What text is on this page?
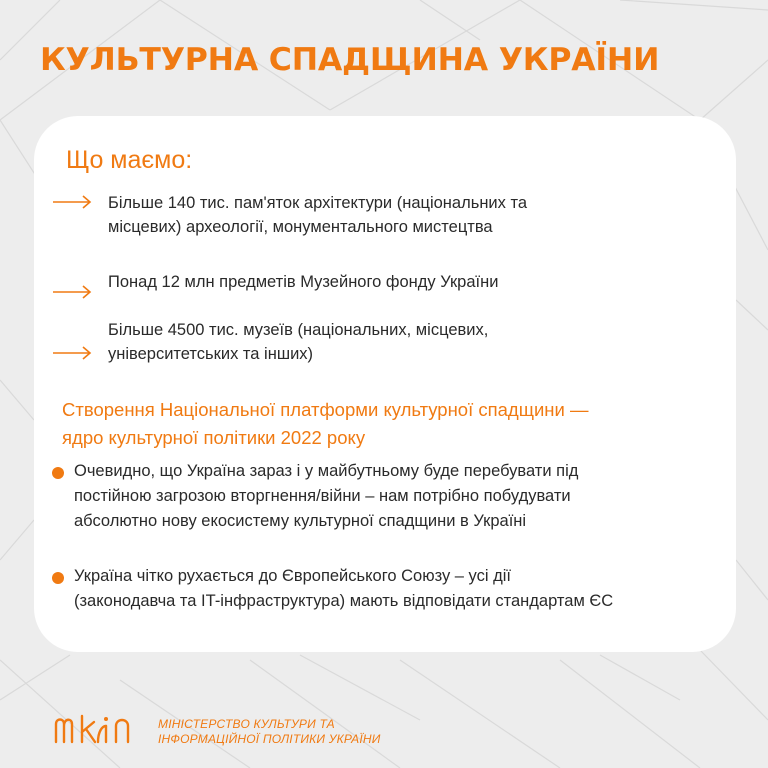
КУЛЬТУРНА СПАДЩИНА УКРАЇНИ
Що маємо:
Більше 140 тис. пам'яток архітектури (національних та
місцевих) археології, монументального мистецтва
Понад 12 млн предметів Музейного фонду України
Більше 4500 тис. музеїв (національних, місцевих,
університетських та інших)
Створення Національної платформи культурної спадщини —
ядро культурної політики 2022 року
Очевидно, що Україна зараз і у майбутньому буде перебувати під
постійною загрозою вторгнення/війни – нам потрібно побудувати
абсолютно нову екосистему культурної спадщини в Україні
Україна чітко рухається до Європейського Союзу – усі дії
(законодавча та IT-інфраструктура) мають відповідати стандартам ЄС
МІНІСТЕРСТВО КУЛЬТУРИ ТА
ІНФОРМАЦІЙНОЇ ПОЛІТИКИ УКРАЇНИ
